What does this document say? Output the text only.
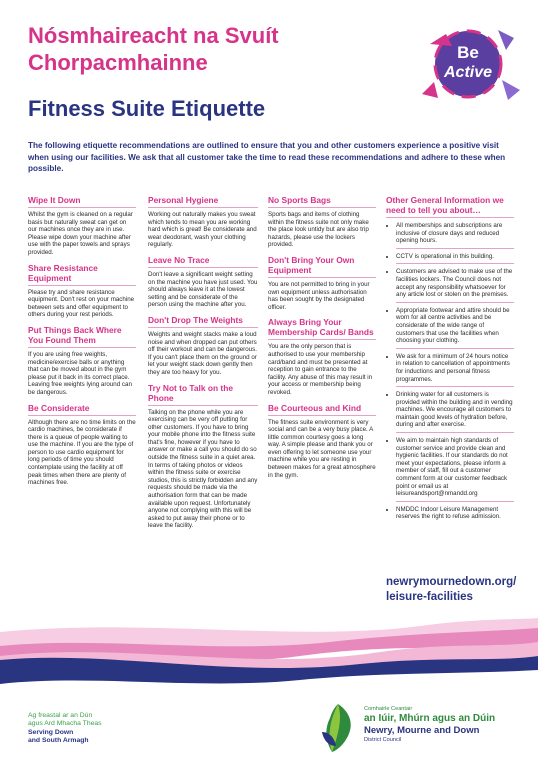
Nósmhaireacht na Svuít Chorpacmhainne
Fitness Suite Etiquette
Be
Active
The following etiquette recommendations are outlined to ensure that you and other customers experience a positive visit when using our facilities. We ask that all customer take the time to read these recommendations and adhere to these when possible.
Wipe It Down

Whilst the gym is cleaned on a regular basis but naturally sweat can get on our machines once they are in use. Please wipe down your machine after use with the paper towels and sprays provided.

Share Resistance Equipment

Please try and share resistance equipment. Don't rest on your machine between sets and offer equipment to others during your rest periods.

Put Things Back Where You Found Them

If you are using free weights, medicine/exercise balls or anything that can be moved about in the gym please put it back in its correct place. Leaving free weights lying around can be dangerous.

Be Considerate

Although there are no time limits on the cardio machines, be considerate if there is a queue of people waiting to use the machine. If you are the type of person to use cardio equipment for long periods of time you should contemplate using the facility at off peak times when there are plenty of machines free.

Personal Hygiene

Working out naturally makes you sweat which tends to mean you are working hard which is great! Be considerate and wear deodorant, wash your clothing regularly.

Leave No Trace

Don't leave a significant weight setting on the machine you have just used. You should always leave it at the lowest setting and be considerate of the person using the machine after you.

Don't Drop The Weights

Weights and weight stacks make a loud noise and when dropped can put others off their workout and can be dangerous. If you can't place them on the ground or let your weight stack down gently then they are too heavy for you.

Try Not to Talk on the Phone

Talking on the phone while you are exercising can be very off putting for other customers. If you have to bring your mobile phone into the fitness suite that's fine, however if you have to answer or make a call you should do so outside the fitness suite in a quiet area. In terms of taking photos or videos within the fitness suite or exercise studios, this is strictly forbidden and any requests should be made via the authorisation form that can be made available upon request. Unfortunately anyone not complying with this will be asked to put away their phone or to leave the facility.

No Sports Bags

Sports bags and items of clothing within the fitness suite not only make the place look untidy but are also trip hazards, please use the lockers provided.

Don't Bring Your Own Equipment

You are not permitted to bring in your own equipment unless authorisation has been sought by the designated officer.

Always Bring Your Membership Cards/ Bands

You are the only person that is authorised to use your membership card/band and must be presented at reception to gain entrance to the facility. Any abuse of this may result in your access or membership being revoked.

Be Courteous and Kind

The fitness suite environment is very social and can be a very busy place. A little common courtesy goes a long way. A simple please and thank you or even offering to let someone use your machine while you are resting in between makes for a great atmosphere in the gym.

Other General Information we need to tell you about…
• All memberships and subscriptions are inclusive of closure days and reduced opening hours.
• CCTV is operational in this building.
• Customers are advised to make use of the facilities lockers. The Council does not accept any responsibility whatsoever for any article lost or stolen on the premises.
• Appropriate footwear and attire should be worn for all centre activities and be considerate of the wide range of customers that use the facilities when choosing your clothing.
• We ask for a minimum of 24 hours notice in relation to cancellation of appointments for inductions and personal fitness programmes.
• Drinking water for all customers is provided within the building and in vending machines. We encourage all customers to maintain good levels of hydration before, during and after exercise.
• We aim to maintain high standards of customer service and provide clean and hygienic facilities. If our standards do not meet your expectations, please inform a member of staff, fill out a customer comment form at our customer feedback point or email us at leisureandsport@nmandd.org
• NMDDC Indoor Leisure Management reserves the right to refuse admission.
newrymournedown.org/
leisure-facilities
Ag freastal ar an Dún
agus Ard Mhacha Theas
Serving Down
and South Armagh
Comhairle Ceantair
an Iúir, Mhúrn agus an Dúin
Newry, Mourne and Down
District Council
